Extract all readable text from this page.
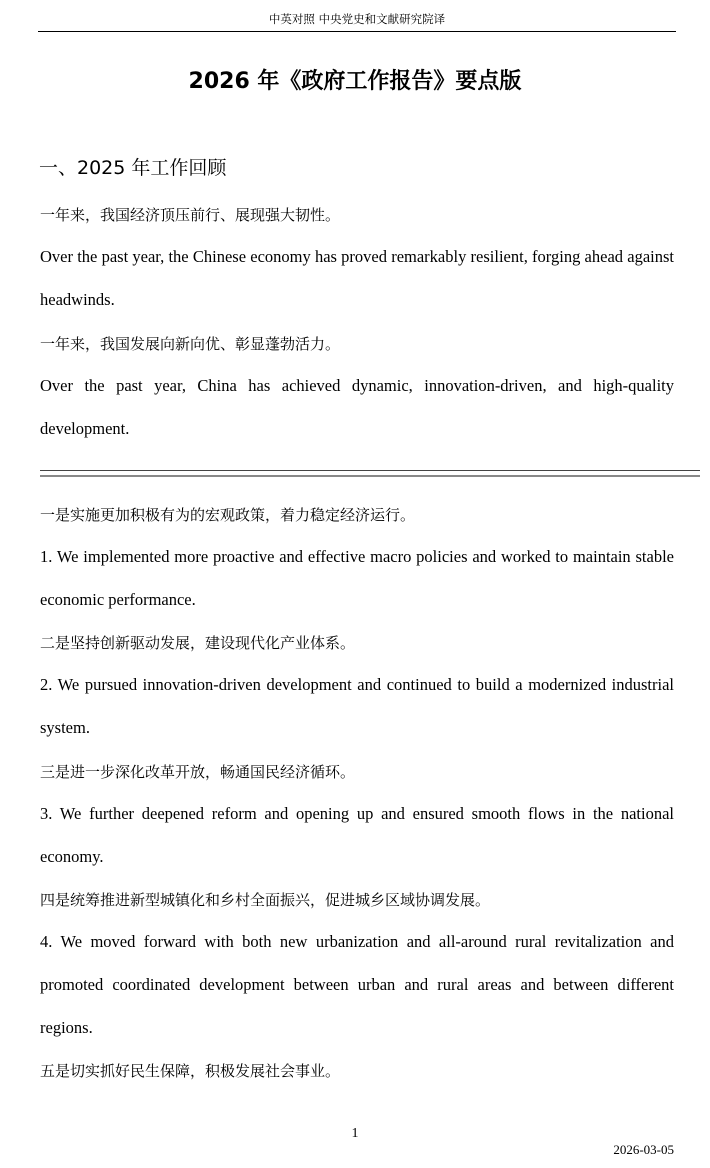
中英对照 中央党史和文献研究院译
2026 年《政府工作报告》要点版
一、2025 年工作回顾
一年来，我国经济顶压前行、展现强大韧性。
Over the past year, the Chinese economy has proved remarkably resilient, forging ahead against headwinds.
一年来，我国发展向新向优、彰显蓬勃活力。
Over the past year, China has achieved dynamic, innovation-driven, and high-quality development.
一是实施更加积极有为的宏观政策，着力稳定经济运行。
1. We implemented more proactive and effective macro policies and worked to maintain stable economic performance.
二是坚持创新驱动发展，建设现代化产业体系。
2. We pursued innovation-driven development and continued to build a modernized industrial system.
三是进一步深化改革开放，畅通国民经济循环。
3. We further deepened reform and opening up and ensured smooth flows in the national economy.
四是统筹推进新型城镇化和乡村全面振兴，促进城乡区域协调发展。
4. We moved forward with both new urbanization and all-around rural revitalization and promoted coordinated development between urban and rural areas and between different regions.
五是切实抓好民生保障，积极发展社会事业。
1
2026-03-05
